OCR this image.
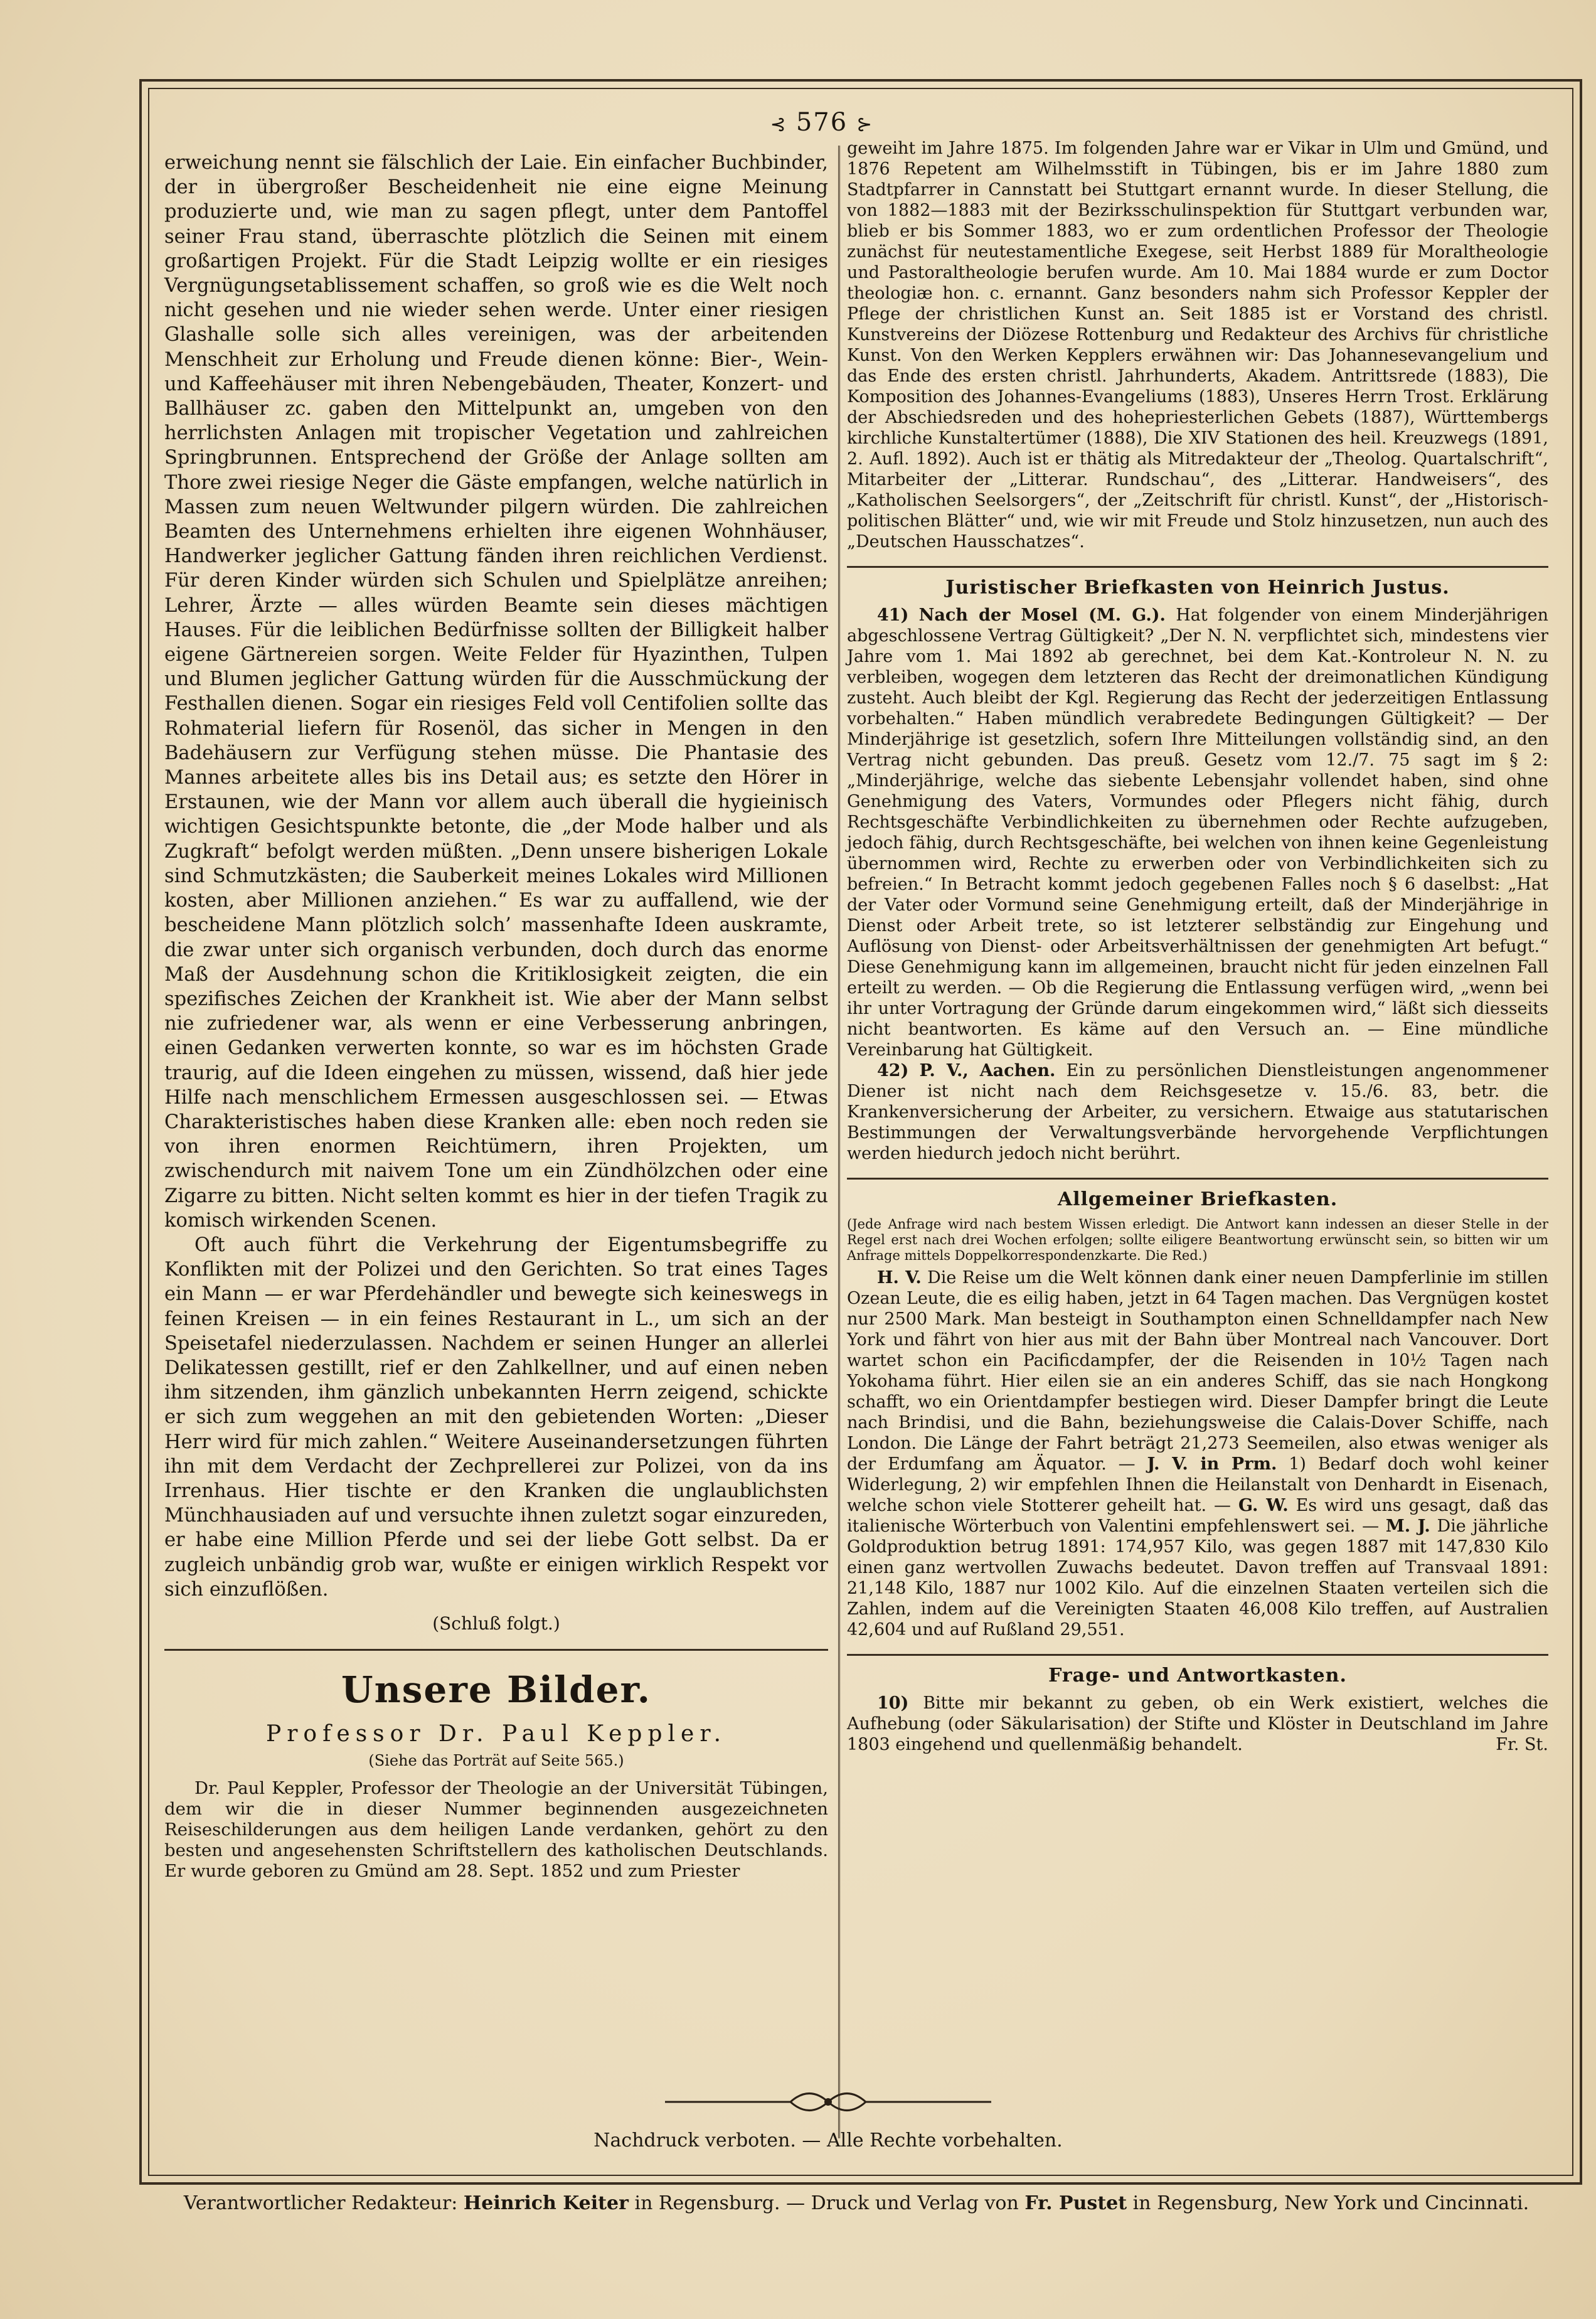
⊰ 576 ⊱

erweichung nennt sie fälschlich der Laie. Ein einfacher Buchbinder, der in übergroßer Bescheidenheit nie eine eigne Meinung produzierte und, wie man zu sagen pflegt, unter dem Pantoffel seiner Frau stand, überraschte plötzlich die Seinen mit einem großartigen Projekt. Für die Stadt Leipzig wollte er ein riesiges Vergnügungsetablissement schaffen, so groß wie es die Welt noch nicht gesehen und nie wieder sehen werde. Unter einer riesigen Glashalle solle sich alles vereinigen, was der arbeitenden Menschheit zur Erholung und Freude dienen könne: Bier-, Wein- und Kaffeehäuser mit ihren Nebengebäuden, Theater, Konzert- und Ballhäuser zc. gaben den Mittelpunkt an, umgeben von den herrlichsten Anlagen mit tropischer Vegetation und zahlreichen Springbrunnen. Entsprechend der Größe der Anlage sollten am Thore zwei riesige Neger die Gäste empfangen, welche natürlich in Massen zum neuen Weltwunder pilgern würden. Die zahlreichen Beamten des Unternehmens erhielten ihre eigenen Wohnhäuser, Handwerker jeglicher Gattung fänden ihren reichlichen Verdienst. Für deren Kinder würden sich Schulen und Spielplätze anreihen; Lehrer, Ärzte — alles würden Beamte sein dieses mächtigen Hauses. Für die leiblichen Bedürfnisse sollten der Billigkeit halber eigene Gärtnereien sorgen. Weite Felder für Hyazinthen, Tulpen und Blumen jeglicher Gattung würden für die Ausschmückung der Festhallen dienen. Sogar ein riesiges Feld voll Centifolien sollte das Rohmaterial liefern für Rosenöl, das sicher in Mengen in den Badehäusern zur Verfügung stehen müsse. Die Phantasie des Mannes arbeitete alles bis ins Detail aus; es setzte den Hörer in Erstaunen, wie der Mann vor allem auch überall die hygieinisch wichtigen Gesichtspunkte betonte, die „der Mode halber und als Zugkraft“ befolgt werden müßten. „Denn unsere bisherigen Lokale sind Schmutzkästen; die Sauberkeit meines Lokales wird Millionen kosten, aber Millionen anziehen.“ Es war zu auffallend, wie der bescheidene Mann plötzlich solch’ massenhafte Ideen auskramte, die zwar unter sich organisch verbunden, doch durch das enorme Maß der Ausdehnung schon die Kritiklosigkeit zeigten, die ein spezifisches Zeichen der Krankheit ist. Wie aber der Mann selbst nie zufriedener war, als wenn er eine Verbesserung anbringen, einen Gedanken verwerten konnte, so war es im höchsten Grade traurig, auf die Ideen eingehen zu müssen, wissend, daß hier jede Hilfe nach menschlichem Ermessen ausgeschlossen sei. — Etwas Charakteristisches haben diese Kranken alle: eben noch reden sie von ihren enormen Reichtümern, ihren Projekten, um zwischendurch mit naivem Tone um ein Zündhölzchen oder eine Zigarre zu bitten. Nicht selten kommt es hier in der tiefen Tragik zu komisch wirkenden Scenen.

Oft auch führt die Verkehrung der Eigentumsbegriffe zu Konflikten mit der Polizei und den Gerichten. So trat eines Tages ein Mann — er war Pferdehändler und bewegte sich keineswegs in feinen Kreisen — in ein feines Restaurant in L., um sich an der Speisetafel niederzulassen. Nachdem er seinen Hunger an allerlei Delikatessen gestillt, rief er den Zahlkellner, und auf einen neben ihm sitzenden, ihm gänzlich unbekannten Herrn zeigend, schickte er sich zum weggehen an mit den gebietenden Worten: „Dieser Herr wird für mich zahlen.“ Weitere Auseinandersetzungen führten ihn mit dem Verdacht der Zechprellerei zur Polizei, von da ins Irrenhaus. Hier tischte er den Kranken die unglaublichsten Münchhausiaden auf und versuchte ihnen zuletzt sogar einzureden, er habe eine Million Pferde und sei der liebe Gott selbst. Da er zugleich unbändig grob war, wußte er einigen wirklich Respekt vor sich einzuflößen.

(Schluß folgt.)
Unsere Bilder.
Professor Dr. Paul Keppler.
(Siehe das Porträt auf Seite 565.)

Dr. Paul Keppler, Professor der Theologie an der Universität Tübingen, dem wir die in dieser Nummer beginnenden ausgezeichneten Reiseschilderungen aus dem heiligen Lande verdanken, gehört zu den besten und angesehensten Schriftstellern des katholischen Deutschlands. Er wurde geboren zu Gmünd am 28. Sept. 1852 und zum Priester

geweiht im Jahre 1875. Im folgenden Jahre war er Vikar in Ulm und Gmünd, und 1876 Repetent am Wilhelmsstift in Tübingen, bis er im Jahre 1880 zum Stadtpfarrer in Cannstatt bei Stuttgart ernannt wurde. In dieser Stellung, die von 1882—1883 mit der Bezirksschulinspektion für Stuttgart verbunden war, blieb er bis Sommer 1883, wo er zum ordentlichen Professor der Theologie zunächst für neutestamentliche Exegese, seit Herbst 1889 für Moraltheologie und Pastoraltheologie berufen wurde. Am 10. Mai 1884 wurde er zum Doctor theologiæ hon. c. ernannt. Ganz besonders nahm sich Professor Keppler der Pflege der christlichen Kunst an. Seit 1885 ist er Vorstand des christl. Kunstvereins der Diözese Rottenburg und Redakteur des Archivs für christliche Kunst. Von den Werken Kepplers erwähnen wir: Das Johannesevangelium und das Ende des ersten christl. Jahrhunderts, Akadem. Antrittsrede (1883), Die Komposition des Johannes-Evangeliums (1883), Unseres Herrn Trost. Erklärung der Abschiedsreden und des hohepriesterlichen Gebets (1887), Württembergs kirchliche Kunstaltertümer (1888), Die XIV Stationen des heil. Kreuzwegs (1891, 2. Aufl. 1892). Auch ist er thätig als Mitredakteur der „Theolog. Quartalschrift“, Mitarbeiter der „Litterar. Rundschau“, des „Litterar. Handweisers“, des „Katholischen Seelsorgers“, der „Zeitschrift für christl. Kunst“, der „Historisch-politischen Blätter“ und, wie wir mit Freude und Stolz hinzusetzen, nun auch des „Deutschen Hausschatzes“.

Juristischer Briefkasten von Heinrich Justus.

41) Nach der Mosel (M. G.). Hat folgender von einem Minderjährigen abgeschlossene Vertrag Gültigkeit? „Der N. N. verpflichtet sich, mindestens vier Jahre vom 1. Mai 1892 ab gerechnet, bei dem Kat.-Kontroleur N. N. zu verbleiben, wogegen dem letzteren das Recht der dreimonatlichen Kündigung zusteht. Auch bleibt der Kgl. Regierung das Recht der jederzeitigen Entlassung vorbehalten.“ Haben mündlich verabredete Bedingungen Gültigkeit? — Der Minderjährige ist gesetzlich, sofern Ihre Mitteilungen vollständig sind, an den Vertrag nicht gebunden. Das preuß. Gesetz vom 12./7. 75 sagt im § 2: „Minderjährige, welche das siebente Lebensjahr vollendet haben, sind ohne Genehmigung des Vaters, Vormundes oder Pflegers nicht fähig, durch Rechtsgeschäfte Verbindlichkeiten zu übernehmen oder Rechte aufzugeben, jedoch fähig, durch Rechtsgeschäfte, bei welchen von ihnen keine Gegenleistung übernommen wird, Rechte zu erwerben oder von Verbindlichkeiten sich zu befreien.“ In Betracht kommt jedoch gegebenen Falles noch § 6 daselbst: „Hat der Vater oder Vormund seine Genehmigung erteilt, daß der Minderjährige in Dienst oder Arbeit trete, so ist letzterer selbständig zur Eingehung und Auflösung von Dienst- oder Arbeitsverhältnissen der genehmigten Art befugt.“ Diese Genehmigung kann im allgemeinen, braucht nicht für jeden einzelnen Fall erteilt zu werden. — Ob die Regierung die Entlassung verfügen wird, „wenn bei ihr unter Vortragung der Gründe darum eingekommen wird,“ läßt sich diesseits nicht beantworten. Es käme auf den Versuch an. — Eine mündliche Vereinbarung hat Gültigkeit.

42) P. V., Aachen. Ein zu persönlichen Dienstleistungen angenommener Diener ist nicht nach dem Reichsgesetze v. 15./6. 83, betr. die Krankenversicherung der Arbeiter, zu versichern. Etwaige aus statutarischen Bestimmungen der Verwaltungsverbände hervorgehende Verpflichtungen werden hiedurch jedoch nicht berührt.

Allgemeiner Briefkasten.
(Jede Anfrage wird nach bestem Wissen erledigt. Die Antwort kann indessen an dieser Stelle in der Regel erst nach drei Wochen erfolgen; sollte eiligere Beantwortung erwünscht sein, so bitten wir um Anfrage mittels Doppelkorrespondenzkarte. Die Red.)

H. V. Die Reise um die Welt können dank einer neuen Dampferlinie im stillen Ozean Leute, die es eilig haben, jetzt in 64 Tagen machen. Das Vergnügen kostet nur 2500 Mark. Man besteigt in Southampton einen Schnelldampfer nach New York und fährt von hier aus mit der Bahn über Montreal nach Vancouver. Dort wartet schon ein Pacificdampfer, der die Reisenden in 10½ Tagen nach Yokohama führt. Hier eilen sie an ein anderes Schiff, das sie nach Hongkong schafft, wo ein Orientdampfer bestiegen wird. Dieser Dampfer bringt die Leute nach Brindisi, und die Bahn, beziehungsweise die Calais-Dover Schiffe, nach London. Die Länge der Fahrt beträgt 21,273 Seemeilen, also etwas weniger als der Erdumfang am Äquator. — J. V. in Prm. 1) Bedarf doch wohl keiner Widerlegung, 2) wir empfehlen Ihnen die Heilanstalt von Denhardt in Eisenach, welche schon viele Stotterer geheilt hat. — G. W. Es wird uns gesagt, daß das italienische Wörterbuch von Valentini empfehlenswert sei. — M. J. Die jährliche Goldproduktion betrug 1891: 174,957 Kilo, was gegen 1887 mit 147,830 Kilo einen ganz wertvollen Zuwachs bedeutet. Davon treffen auf Transvaal 1891: 21,148 Kilo, 1887 nur 1002 Kilo. Auf die einzelnen Staaten verteilen sich die Zahlen, indem auf die Vereinigten Staaten 46,008 Kilo treffen, auf Australien 42,604 und auf Rußland 29,551.

Frage- und Antwortkasten.

10) Bitte mir bekannt zu geben, ob ein Werk existiert, welches die Aufhebung (oder Säkularisation) der Stifte und Klöster in Deutschland im Jahre 1803 eingehend und quellenmäßig behandelt.	Fr. St.

Nachdruck verboten. — Alle Rechte vorbehalten.
Verantwortlicher Redakteur: Heinrich Keiter in Regensburg. — Druck und Verlag von Fr. Pustet in Regensburg, New York und Cincinnati.
